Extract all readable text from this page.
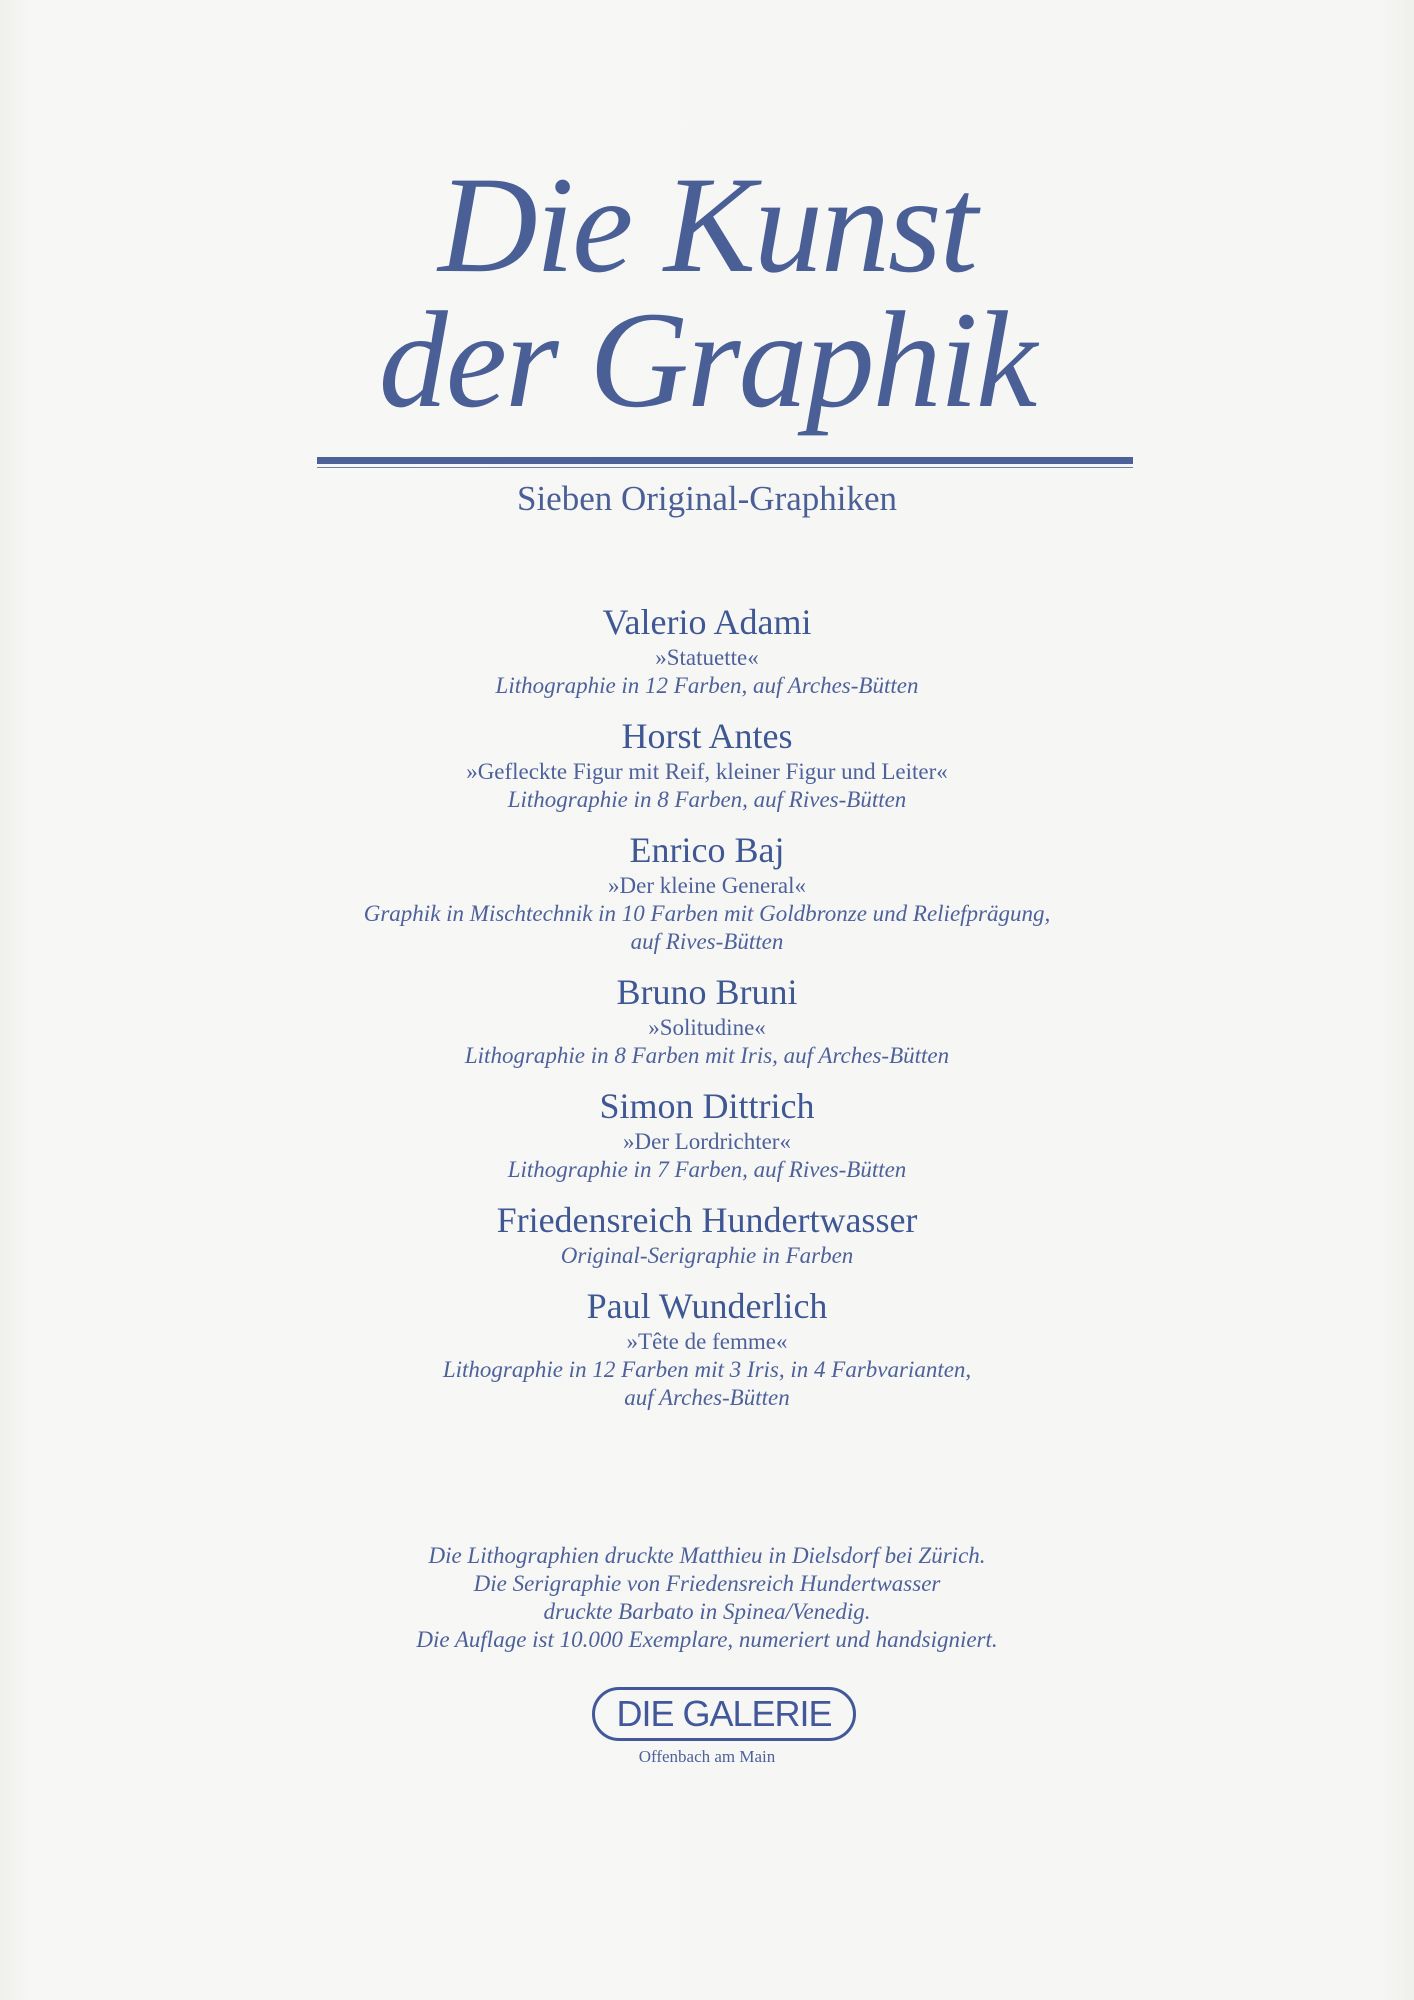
Die Kunst
der Graphik
Sieben Original-Graphiken
Valerio Adami
»Statuette«
Lithographie in 12 Farben, auf Arches-Bütten
Horst Antes
»Gefleckte Figur mit Reif, kleiner Figur und Leiter«
Lithographie in 8 Farben, auf Rives-Bütten
Enrico Baj
»Der kleine General«
Graphik in Mischtechnik in 10 Farben mit Goldbronze und Reliefprägung,
auf Rives-Bütten
Bruno Bruni
»Solitudine«
Lithographie in 8 Farben mit Iris, auf Arches-Bütten
Simon Dittrich
»Der Lordrichter«
Lithographie in 7 Farben, auf Rives-Bütten
Friedensreich Hundertwasser
Original-Serigraphie in Farben
Paul Wunderlich
»Tête de femme«
Lithographie in 12 Farben mit 3 Iris, in 4 Farbvarianten,
auf Arches-Bütten
Die Lithographien druckte Matthieu in Dielsdorf bei Zürich.
Die Serigraphie von Friedensreich Hundertwasser
druckte Barbato in Spinea/Venedig.
Die Auflage ist 10.000 Exemplare, numeriert und handsigniert.
DIE GALERIE
Offenbach am Main
